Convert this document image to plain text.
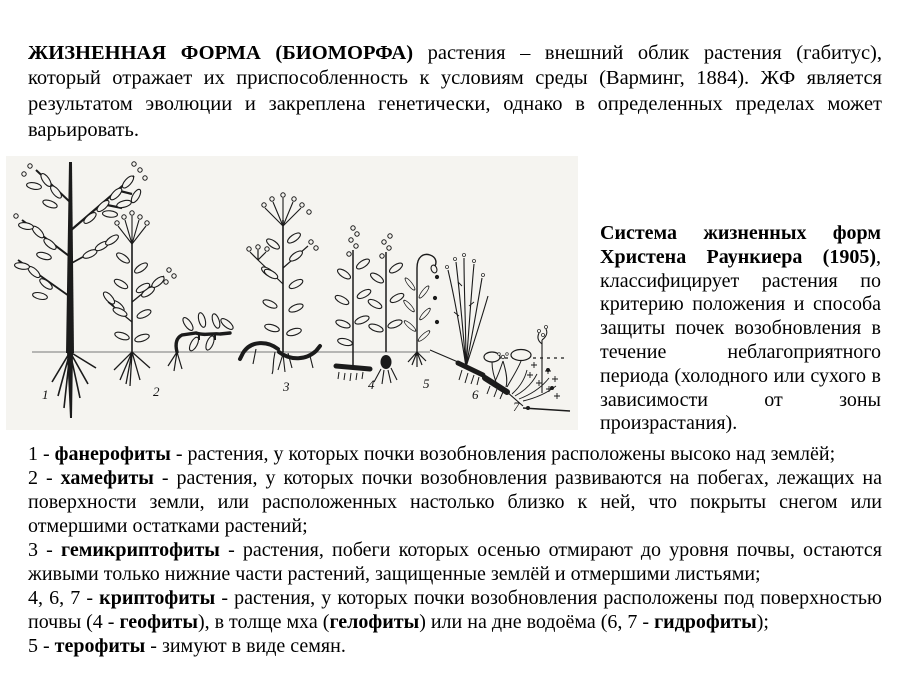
ЖИЗНЕННАЯ ФОРМА (БИОМОРФА) растения – внешний облик растения (габитус), который отражает их приспособленность к условиям среды (Варминг, 1884). ЖФ является результатом эволюции и закреплена генетически, однако в определенных пределах может варьировать.

1	2	3	4	5
6
7

Система жизненных форм Христена Раункиера (1905), классифицирует растения по критерию положения и способа защиты почек возобновления в течение неблагоприятного периода (холодного или сухого в зависимости от зоны произрастания).

1 - фанерофиты - растения, у которых почки возобновления расположены высоко над землёй;
2 - хамефиты - растения, у которых почки возобновления развиваются на побегах, лежащих на поверхности земли, или расположенных настолько близко к ней, что покрыты снегом или отмершими остатками растений;
3 - гемикриптофиты - растения, побеги которых осенью отмирают до уровня почвы, остаются живыми только нижние части растений, защищенные землёй и отмершими листьями;
4, 6, 7 - криптофиты - растения, у которых почки возобновления расположены под поверхностью почвы (4 - геофиты), в толще мха (гелофиты) или на дне водоёма (6, 7 - гидрофиты);
5 - терофиты - зимуют в виде семян.
